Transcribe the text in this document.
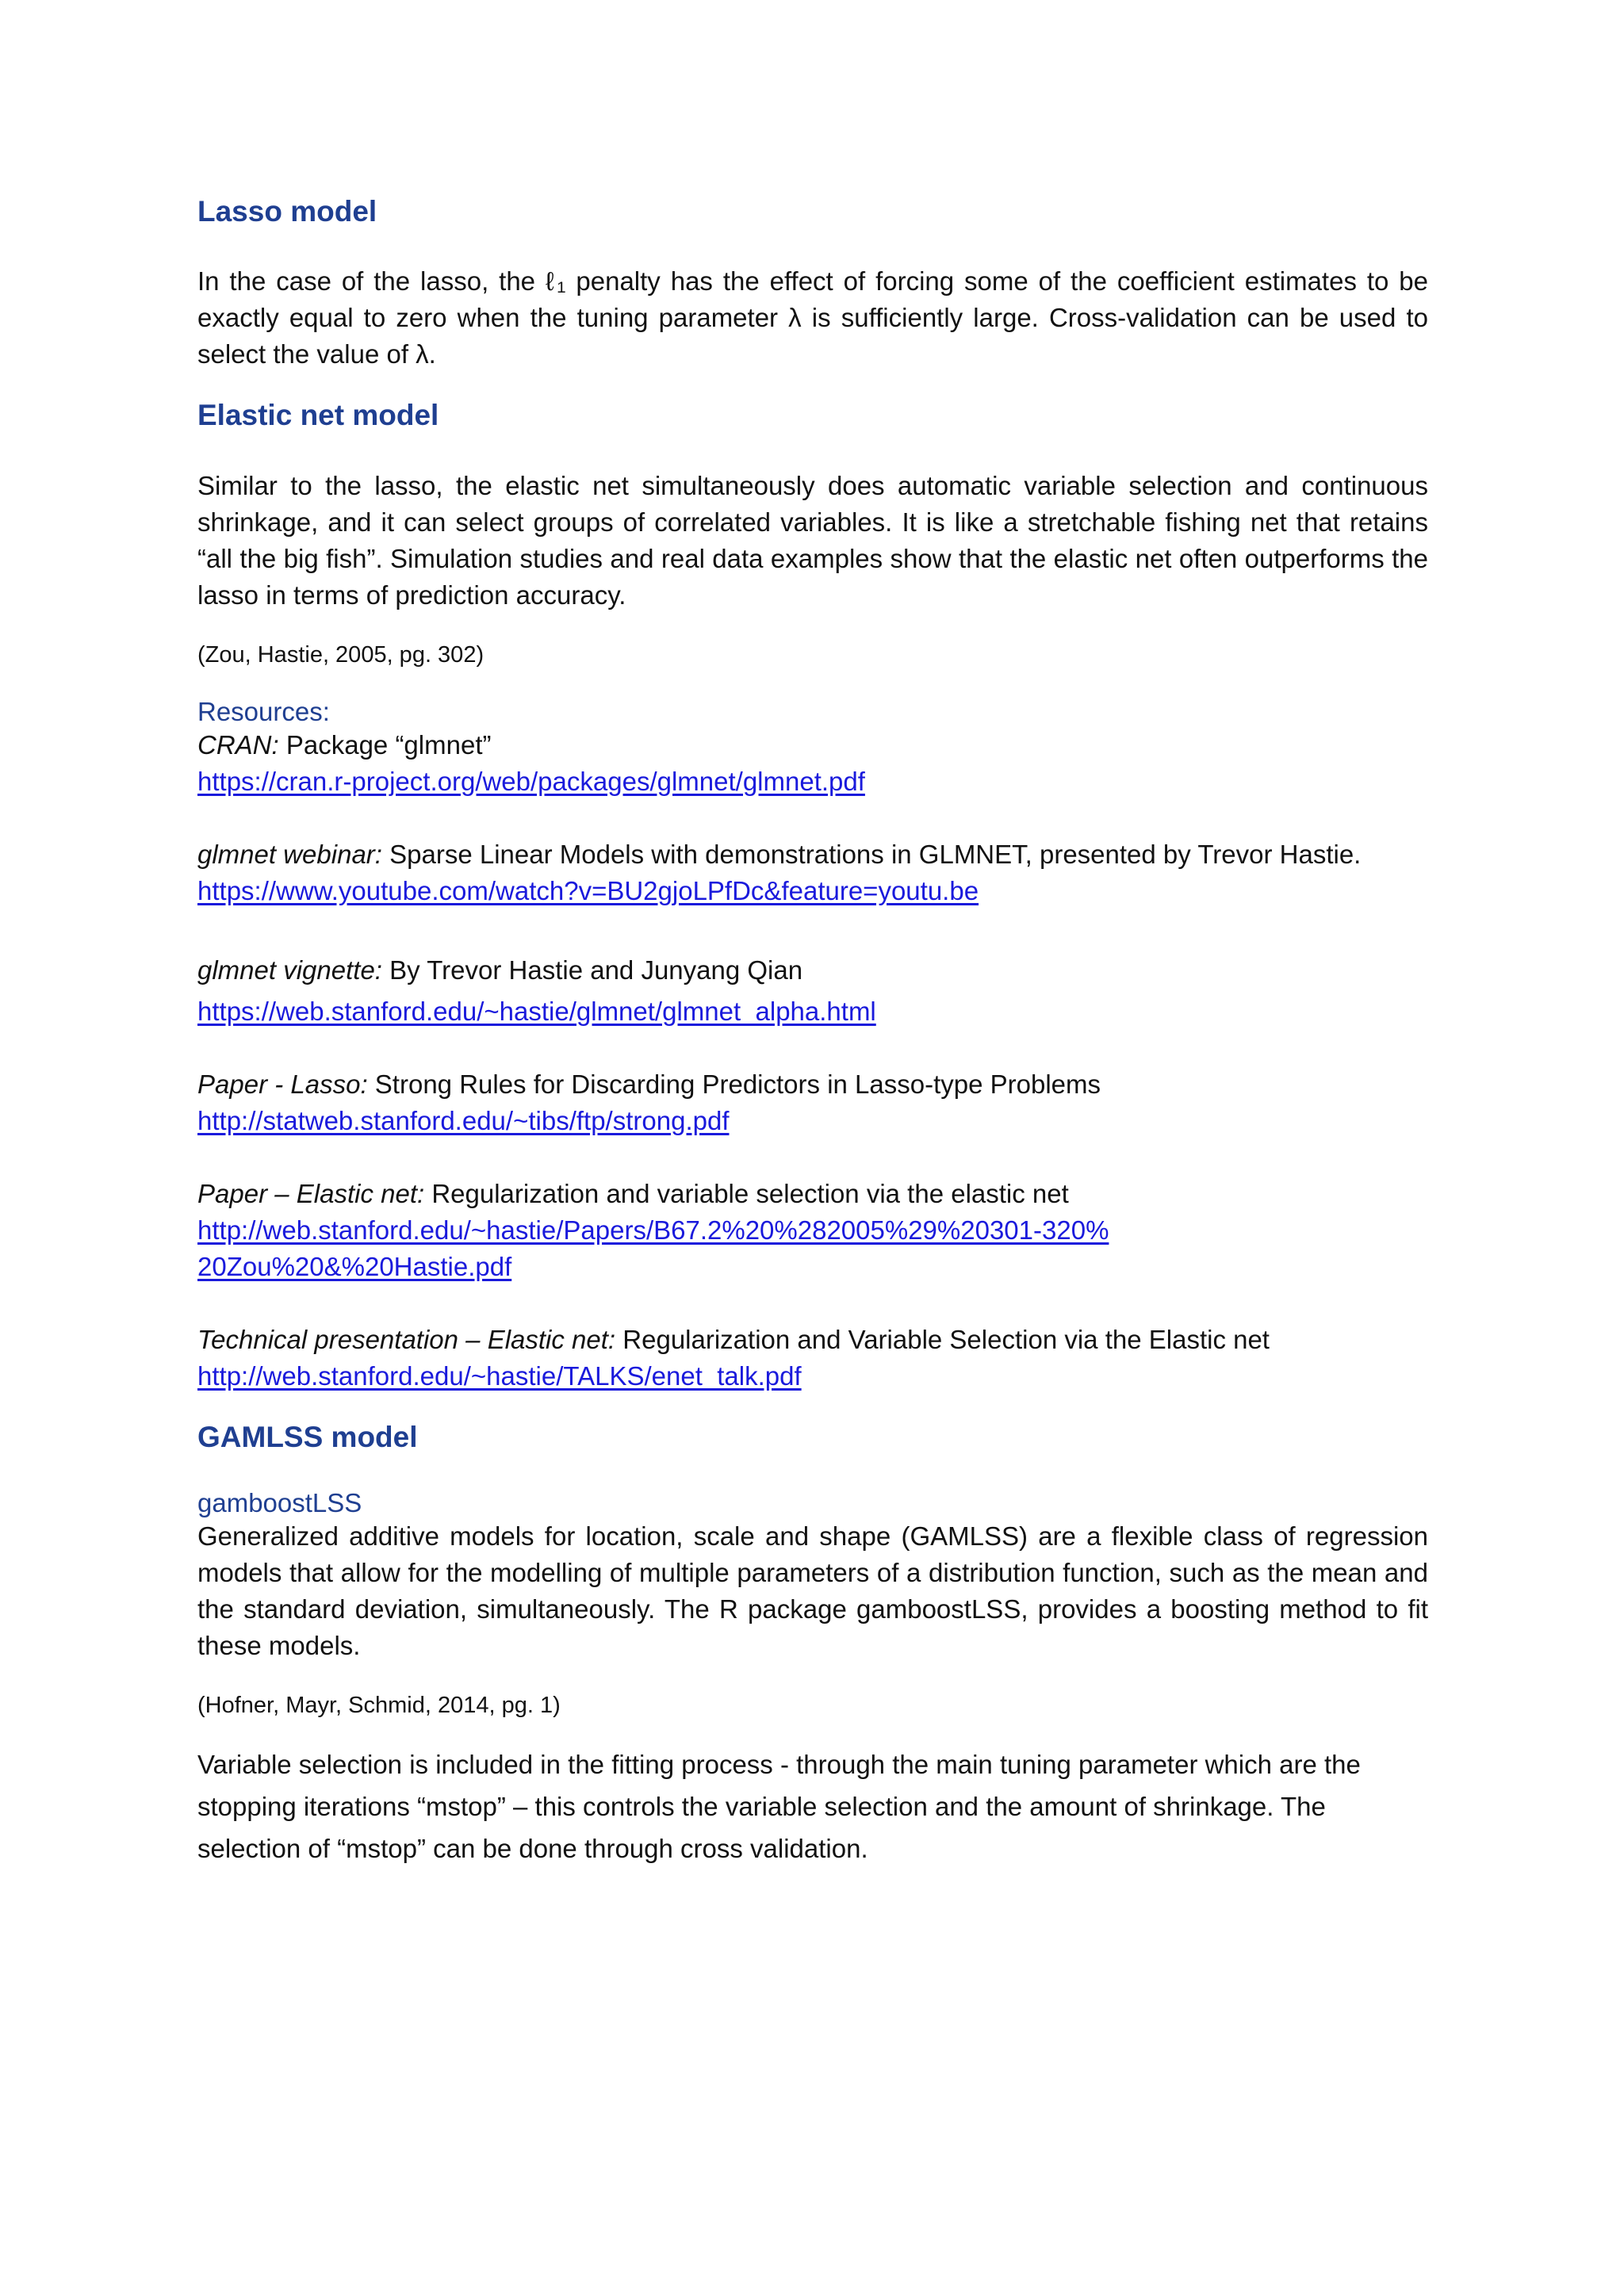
Lasso model

In the case of the lasso, the ℓ₁ penalty has the effect of forcing some of the coefficient estimates to be exactly equal to zero when the tuning parameter λ is sufficiently large. Cross-validation can be used to select the value of λ.

Elastic net model

Similar to the lasso, the elastic net simultaneously does automatic variable selection and continuous shrinkage, and it can select groups of correlated variables. It is like a stretchable fishing net that retains “all the big fish”. Simulation studies and real data examples show that the elastic net often outperforms the lasso in terms of prediction accuracy.

(Zou, Hastie, 2005, pg. 302)

Resources:

CRAN: Package “glmnet”

https://cran.r-project.org/web/packages/glmnet/glmnet.pdf

glmnet webinar: Sparse Linear Models with demonstrations in GLMNET, presented by Trevor Hastie.

https://www.youtube.com/watch?v=BU2gjoLPfDc&feature=youtu.be

glmnet vignette: By Trevor Hastie and Junyang Qian

https://web.stanford.edu/~hastie/glmnet/glmnet_alpha.html

Paper - Lasso: Strong Rules for Discarding Predictors in Lasso-type Problems

http://statweb.stanford.edu/~tibs/ftp/strong.pdf

Paper – Elastic net: Regularization and variable selection via the elastic net

http://web.stanford.edu/~hastie/Papers/B67.2%20%282005%29%20301-320%20Zou%20&%20Hastie.pdf

Technical presentation – Elastic net: Regularization and Variable Selection via the Elastic net

http://web.stanford.edu/~hastie/TALKS/enet_talk.pdf
GAMLSS model

gamboostLSS

Generalized additive models for location, scale and shape (GAMLSS) are a flexible class of regression models that allow for the modelling of multiple parameters of a distribution function, such as the mean and the standard deviation, simultaneously. The R package gamboostLSS, provides a boosting method to fit these models.

(Hofner, Mayr, Schmid, 2014, pg. 1)

Variable selection is included in the fitting process - through the main tuning parameter which are the stopping iterations “mstop” – this controls the variable selection and the amount of shrinkage. The selection of “mstop” can be done through cross validation.
